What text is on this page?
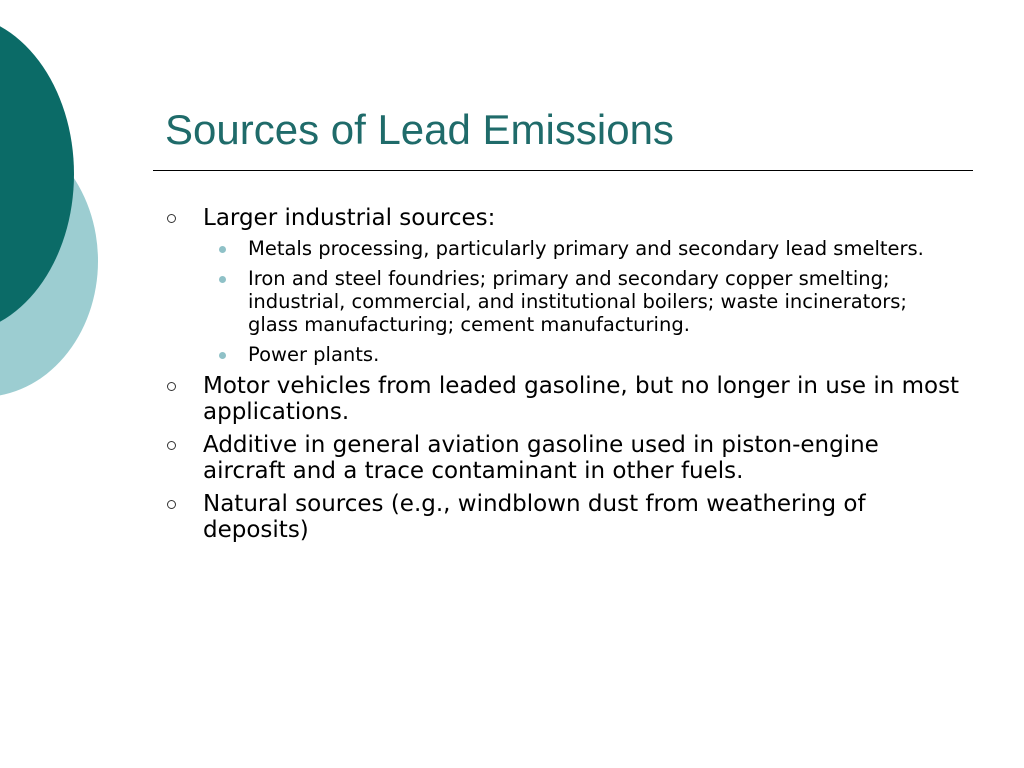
Sources of Lead Emissions
Larger industrial sources:
Metals processing, particularly primary and secondary lead smelters.
Iron and steel foundries; primary and secondary copper smelting; industrial, commercial, and institutional boilers; waste incinerators; glass manufacturing; cement manufacturing.
Power plants.
Motor vehicles from leaded gasoline, but no longer in use in most applications.
Additive in general aviation gasoline used in piston-engine aircraft and a trace contaminant in other fuels.
Natural sources (e.g., windblown dust from weathering of deposits)
